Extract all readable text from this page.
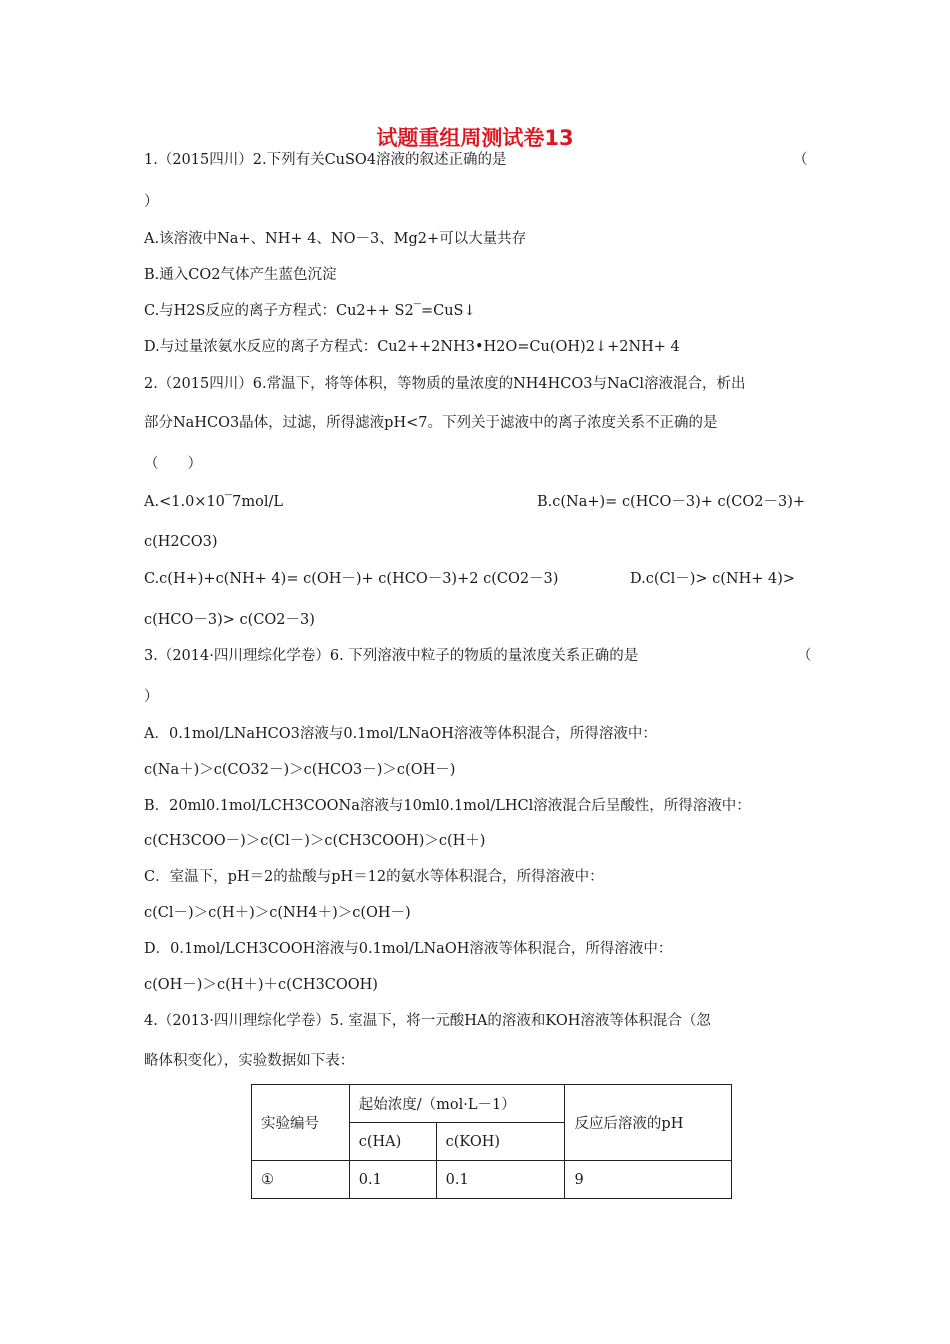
试题重组周测试卷13
1.（2015四川）2.下列有关CuSO4溶液的叙述正确的是	（
）
A.该溶液中Na+、NH+ 4、NO－3、Mg2+可以大量共存
B.通入CO2气体产生蓝色沉淀
C.与H2S反应的离子方程式：Cu2++ S2‾=CuS↓
D.与过量浓氨水反应的离子方程式：Cu2++2NH3•H2O=Cu(OH)2↓+2NH+ 4
2.（2015四川）6.常温下，将等体积，等物质的量浓度的NH4HCO3与NaCl溶液混合，析出
部分NaHCO3晶体，过滤，所得滤液pH<7。下列关于滤液中的离子浓度关系不正确的是
（　　）
A.<1.0×10‾7mol/L	B.c(Na+)= c(HCO－3)+ c(CO2－3)+
c(H2CO3)
C.c(H+)+c(NH+ 4)= c(OH－)+ c(HCO－3)+2 c(CO2－3)	D.c(Cl－)> c(NH+ 4)>
c(HCO－3)> c(CO2－3)
3.（2014·四川理综化学卷）6. 下列溶液中粒子的物质的量浓度关系正确的是	（
）
A．0.1mol/LNaHCO3溶液与0.1mol/LNaOH溶液等体积混合，所得溶液中：
c(Na＋)＞c(CO32－)＞c(HCO3－)＞c(OH－)
B．20ml0.1mol/LCH3COONa溶液与10ml0.1mol/LHCl溶液混合后呈酸性，所得溶液中：
c(CH3COO－)＞c(Cl－)＞c(CH3COOH)＞c(H＋)
C．室温下，pH＝2的盐酸与pH＝12的氨水等体积混合，所得溶液中：
c(Cl－)＞c(H＋)＞c(NH4＋)＞c(OH－)
D．0.1mol/LCH3COOH溶液与0.1mol/LNaOH溶液等体积混合，所得溶液中：
c(OH－)＞c(H＋)＋c(CH3COOH)
4.（2013·四川理综化学卷）5. 室温下，将一元酸HA的溶液和KOH溶液等体积混合（忽
略体积变化），实验数据如下表：
实验编号	起始浓度/（mol·L－1）		反应后溶液的pH
	c(HA)	c(KOH)	
①	0.1	0.1	9
